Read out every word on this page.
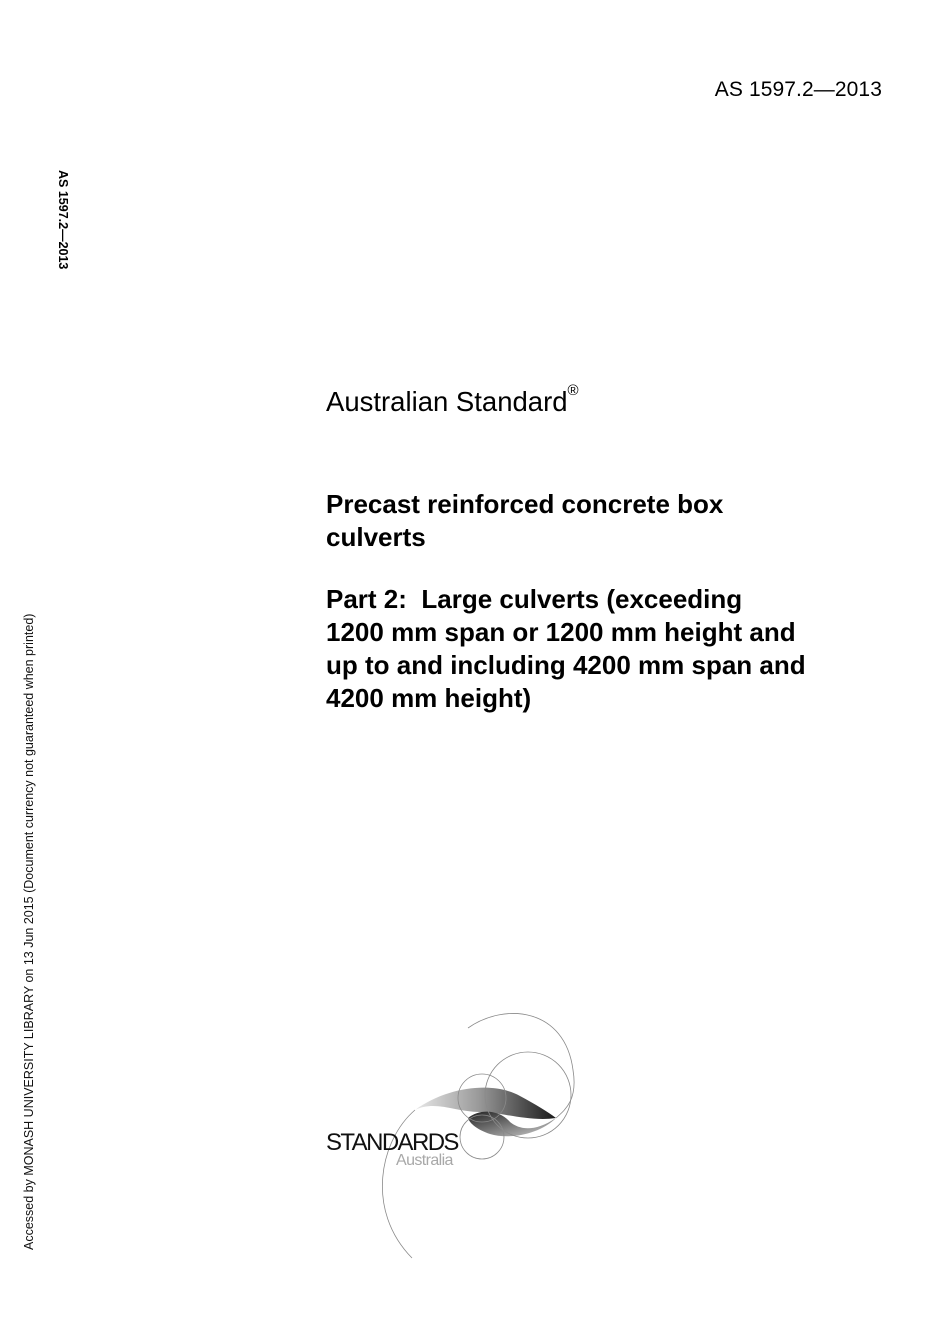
AS 1597.2—2013
AS 1597.2—2013
Accessed by MONASH UNIVERSITY LIBRARY on 13 Jun 2015 (Document currency not guaranteed when printed)
Australian Standard®
Precast reinforced concrete box
culverts
Part 2:  Large culverts (exceeding
1200 mm span or 1200 mm height and
up to and including 4200 mm span and
4200 mm height)
STANDARDS
Australia
